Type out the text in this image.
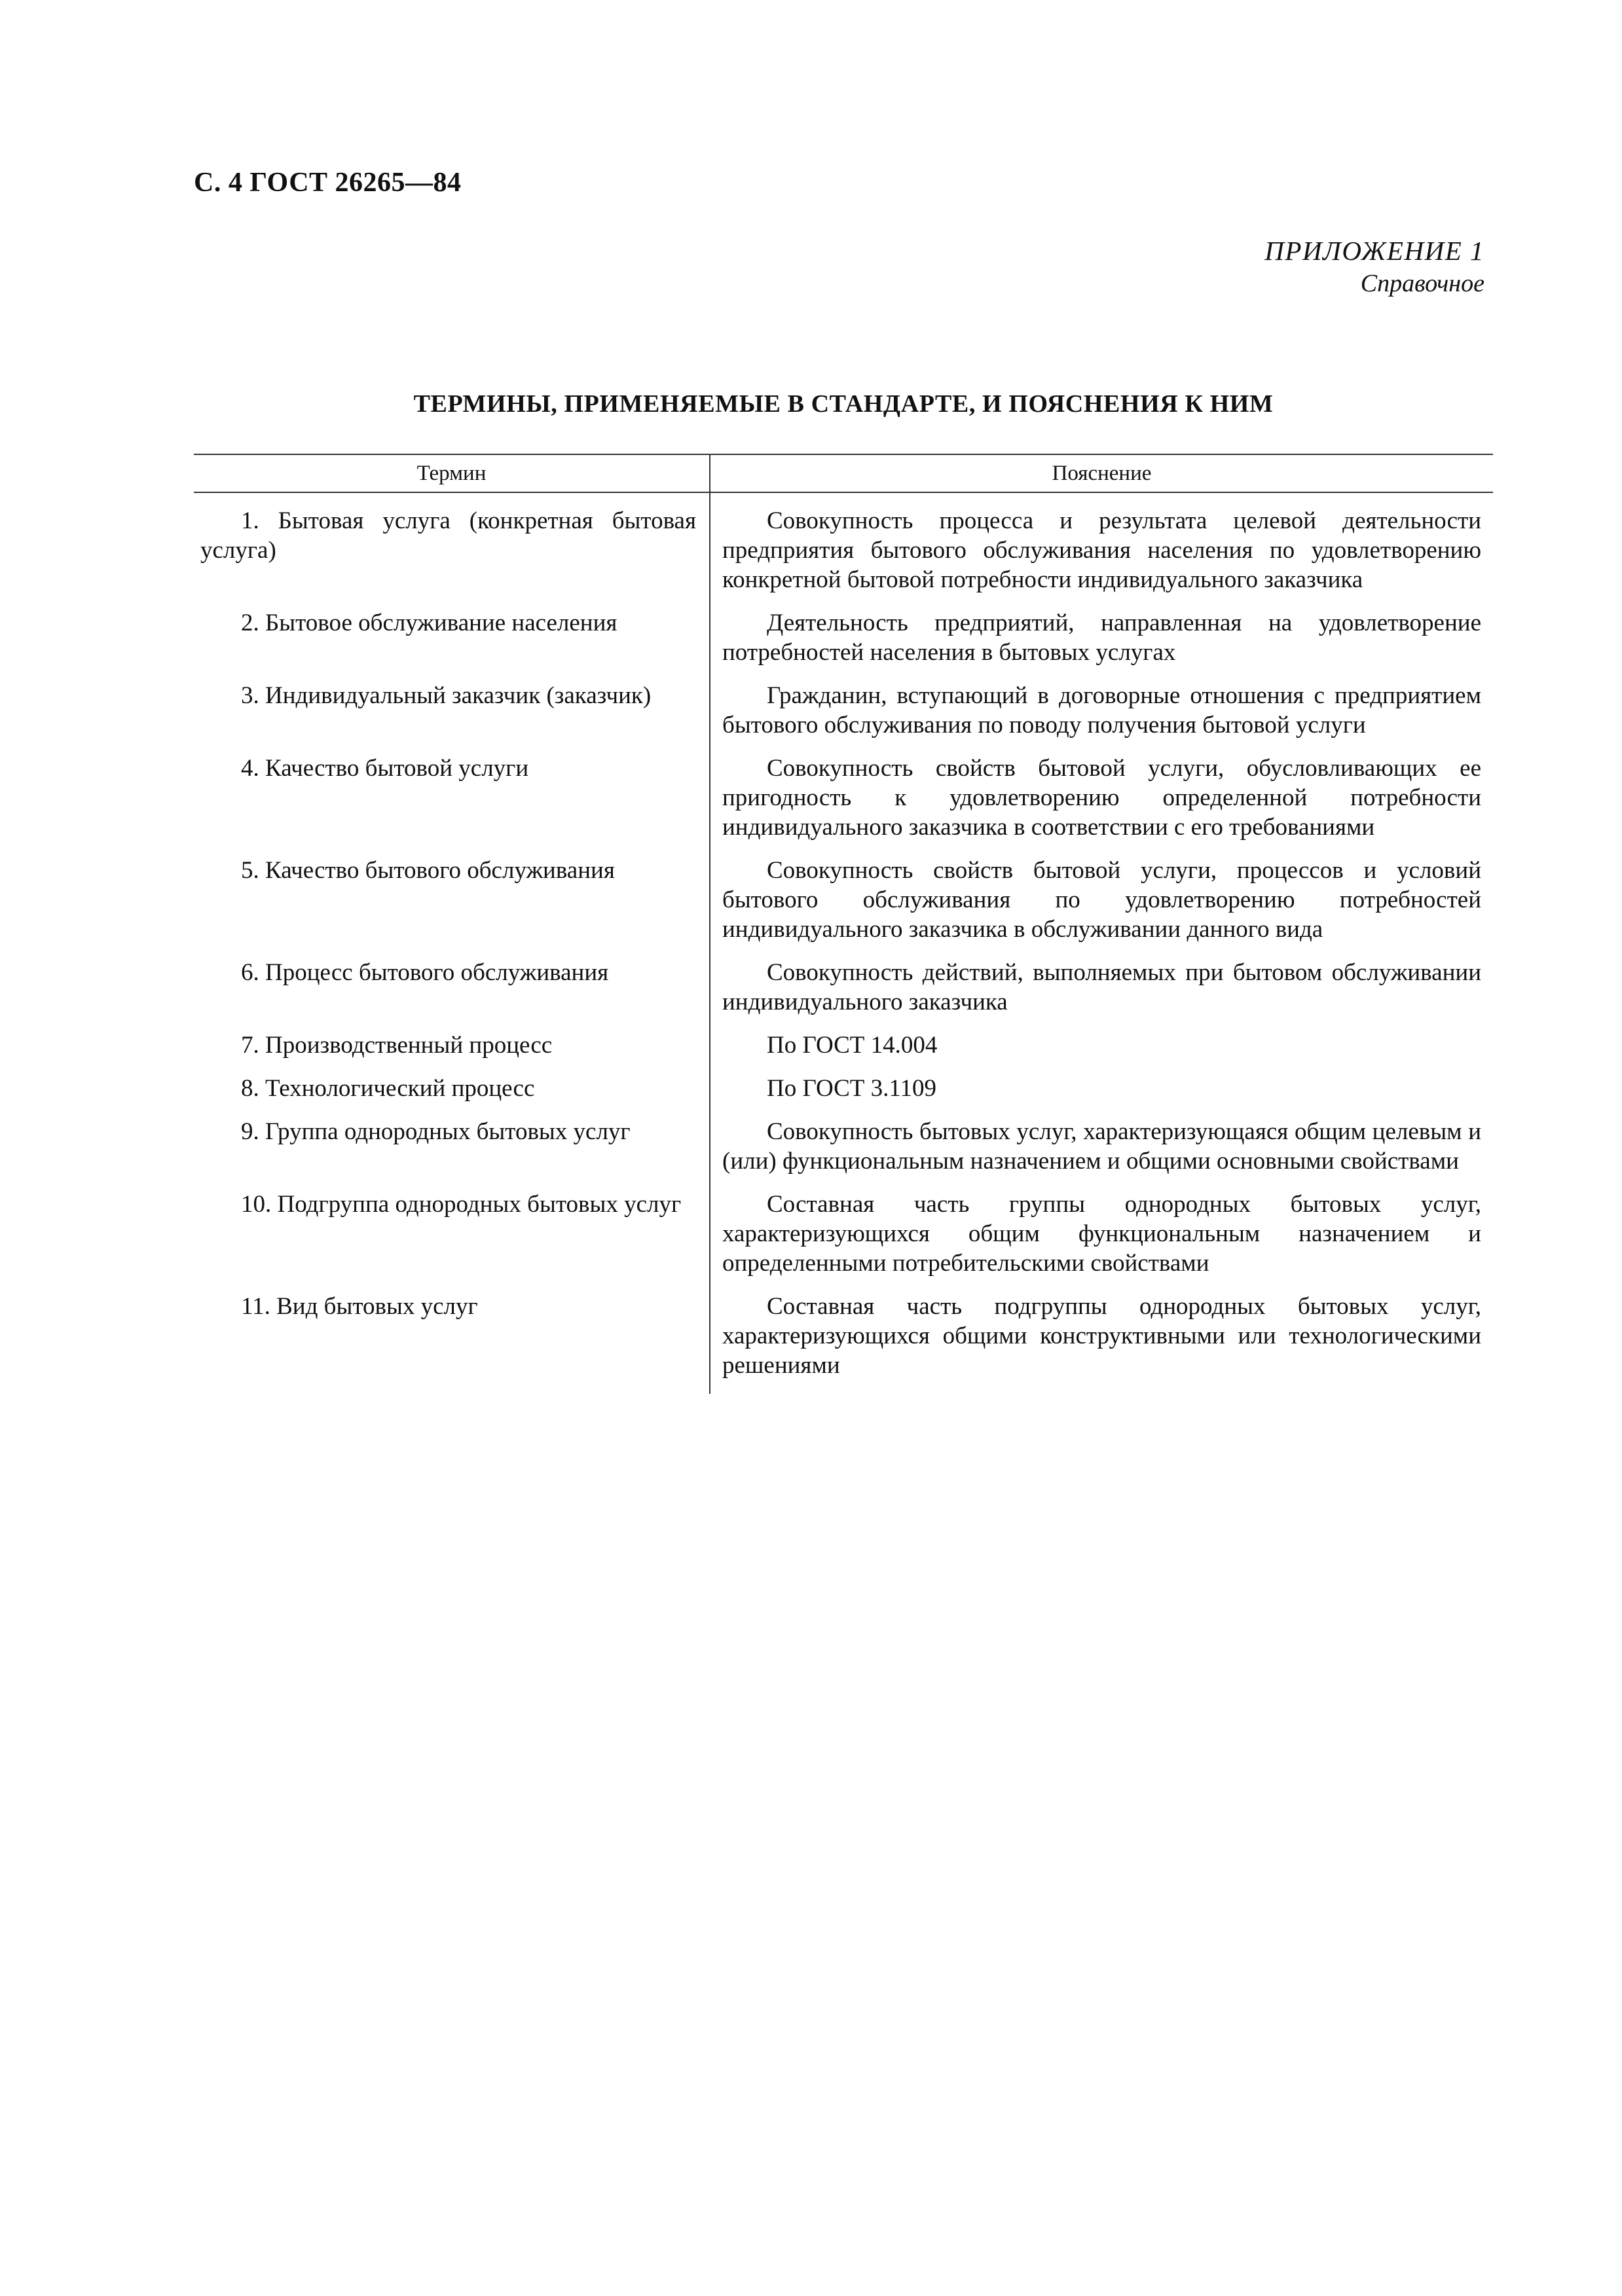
С. 4 ГОСТ 26265—84
ПРИЛОЖЕНИЕ 1
Справочное
ТЕРМИНЫ, ПРИМЕНЯЕМЫЕ В СТАНДАРТЕ, И ПОЯСНЕНИЯ К НИМ
Термин	Пояснение
1. Бытовая услуга (конкретная бытовая услуга)	Совокупность процесса и результата целевой деятельности предприятия бытового обслуживания населения по удовлетворению конкретной бытовой потребности индивидуального заказчика
2. Бытовое обслуживание населения	Деятельность предприятий, направленная на удовлетворение потребностей населения в бытовых услугах
3. Индивидуальный заказчик (заказчик)	Гражданин, вступающий в договорные отношения с предприятием бытового обслуживания по поводу получения бытовой услуги
4. Качество бытовой услуги	Совокупность свойств бытовой услуги, обусловливающих ее пригодность к удовлетворению определенной потребности индивидуального заказчика в соответствии с его требованиями
5. Качество бытового обслуживания	Совокупность свойств бытовой услуги, процессов и условий бытового обслуживания по удовлетворению потребностей индивидуального заказчика в обслуживании данного вида
6. Процесс бытового обслуживания	Совокупность действий, выполняемых при бытовом обслуживании индивидуального заказчика
7. Производственный процесс	По ГОСТ 14.004
8. Технологический процесс	По ГОСТ 3.1109
9. Группа однородных бытовых услуг	Совокупность бытовых услуг, характеризующаяся общим целевым и (или) функциональным назначением и общими основными свойствами
10. Подгруппа однородных бытовых услуг	Составная часть группы однородных бытовых услуг, характеризующихся общим функциональным назначением и определенными потребительскими свойствами
11. Вид бытовых услуг	Составная часть подгруппы однородных бытовых услуг, характеризующихся общими конструктивными или технологическими решениями
